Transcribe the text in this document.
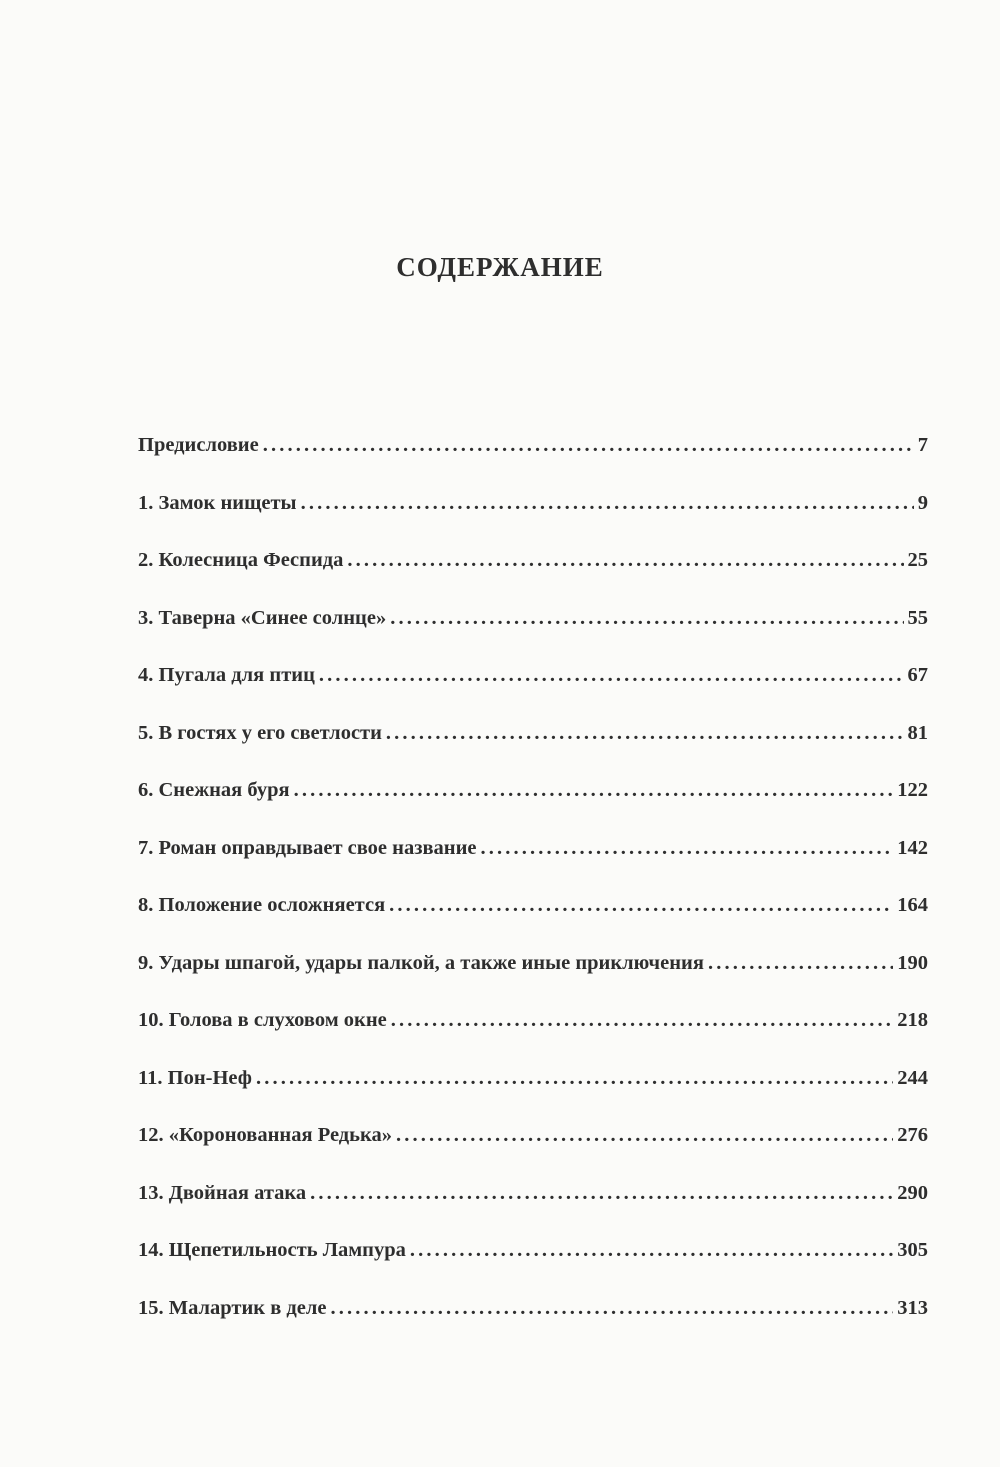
СОДЕРЖАНИЕ
Предисловие . . .	7
1. Замок нищеты . . .	9
2. Колесница Феспида . . .	25
3. Таверна «Синее солнце» . . .	55
4. Пугала для птиц . . .	67
5. В гостях у его светлости . . .	81
6. Снежная буря . . .	122
7. Роман оправдывает свое название . . .	142
8. Положение осложняется . . .	164
9. Удары шпагой, удары палкой, а также иные приключения . . .	190
10. Голова в слуховом окне . . .	218
11. Пон-Неф . . .	244
12. «Коронованная Редька» . . .	276
13. Двойная атака . . .	290
14. Щепетильность Лампура . . .	305
15. Малартик в деле . . .	313
